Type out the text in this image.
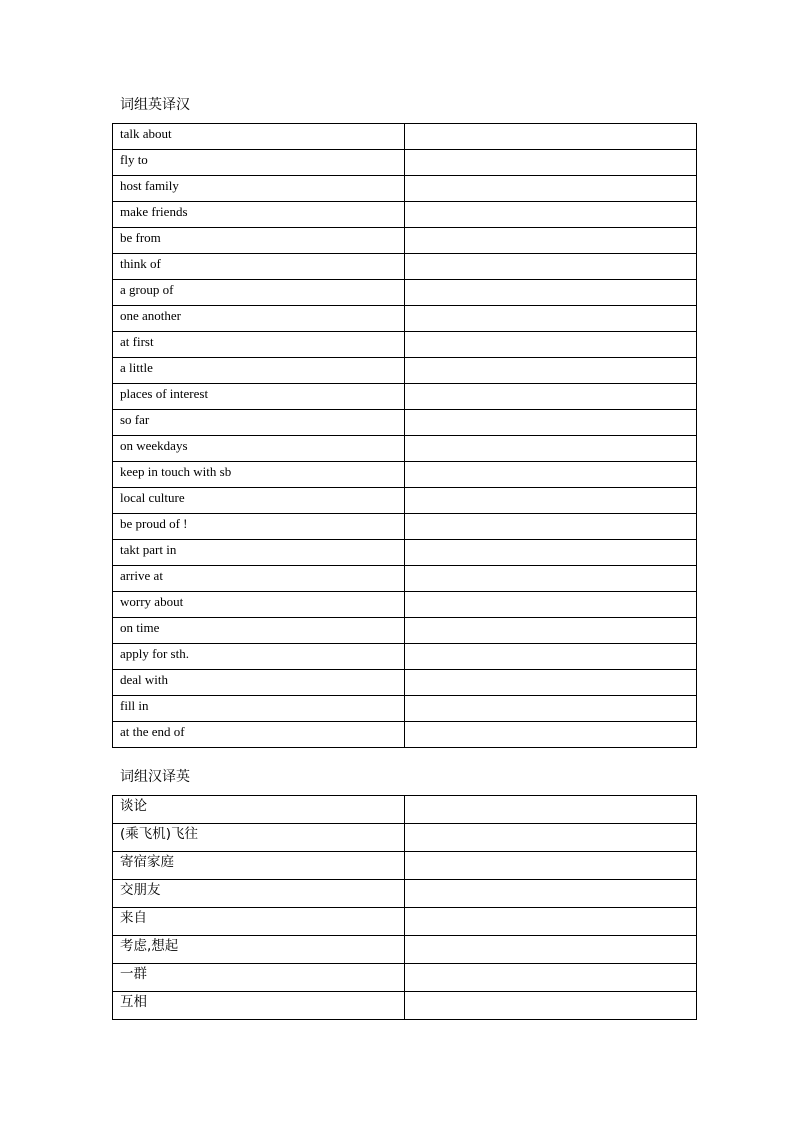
词组英译汉
talk about	
fly to	
host family	
make friends	
be from	
think of	
a group of	
one another	
at first	
a little	
places of interest	
so far	
on weekdays	
keep in touch with sb	
local culture	
be proud of !	
takt part in	
arrive at	
worry about	
on time	
apply for sth.	
deal with	
fill in	
at the end of	
词组汉译英
谈论	
(乘飞机)飞往	
寄宿家庭	
交朋友	
来自	
考虑,想起	
一群	
互相	
